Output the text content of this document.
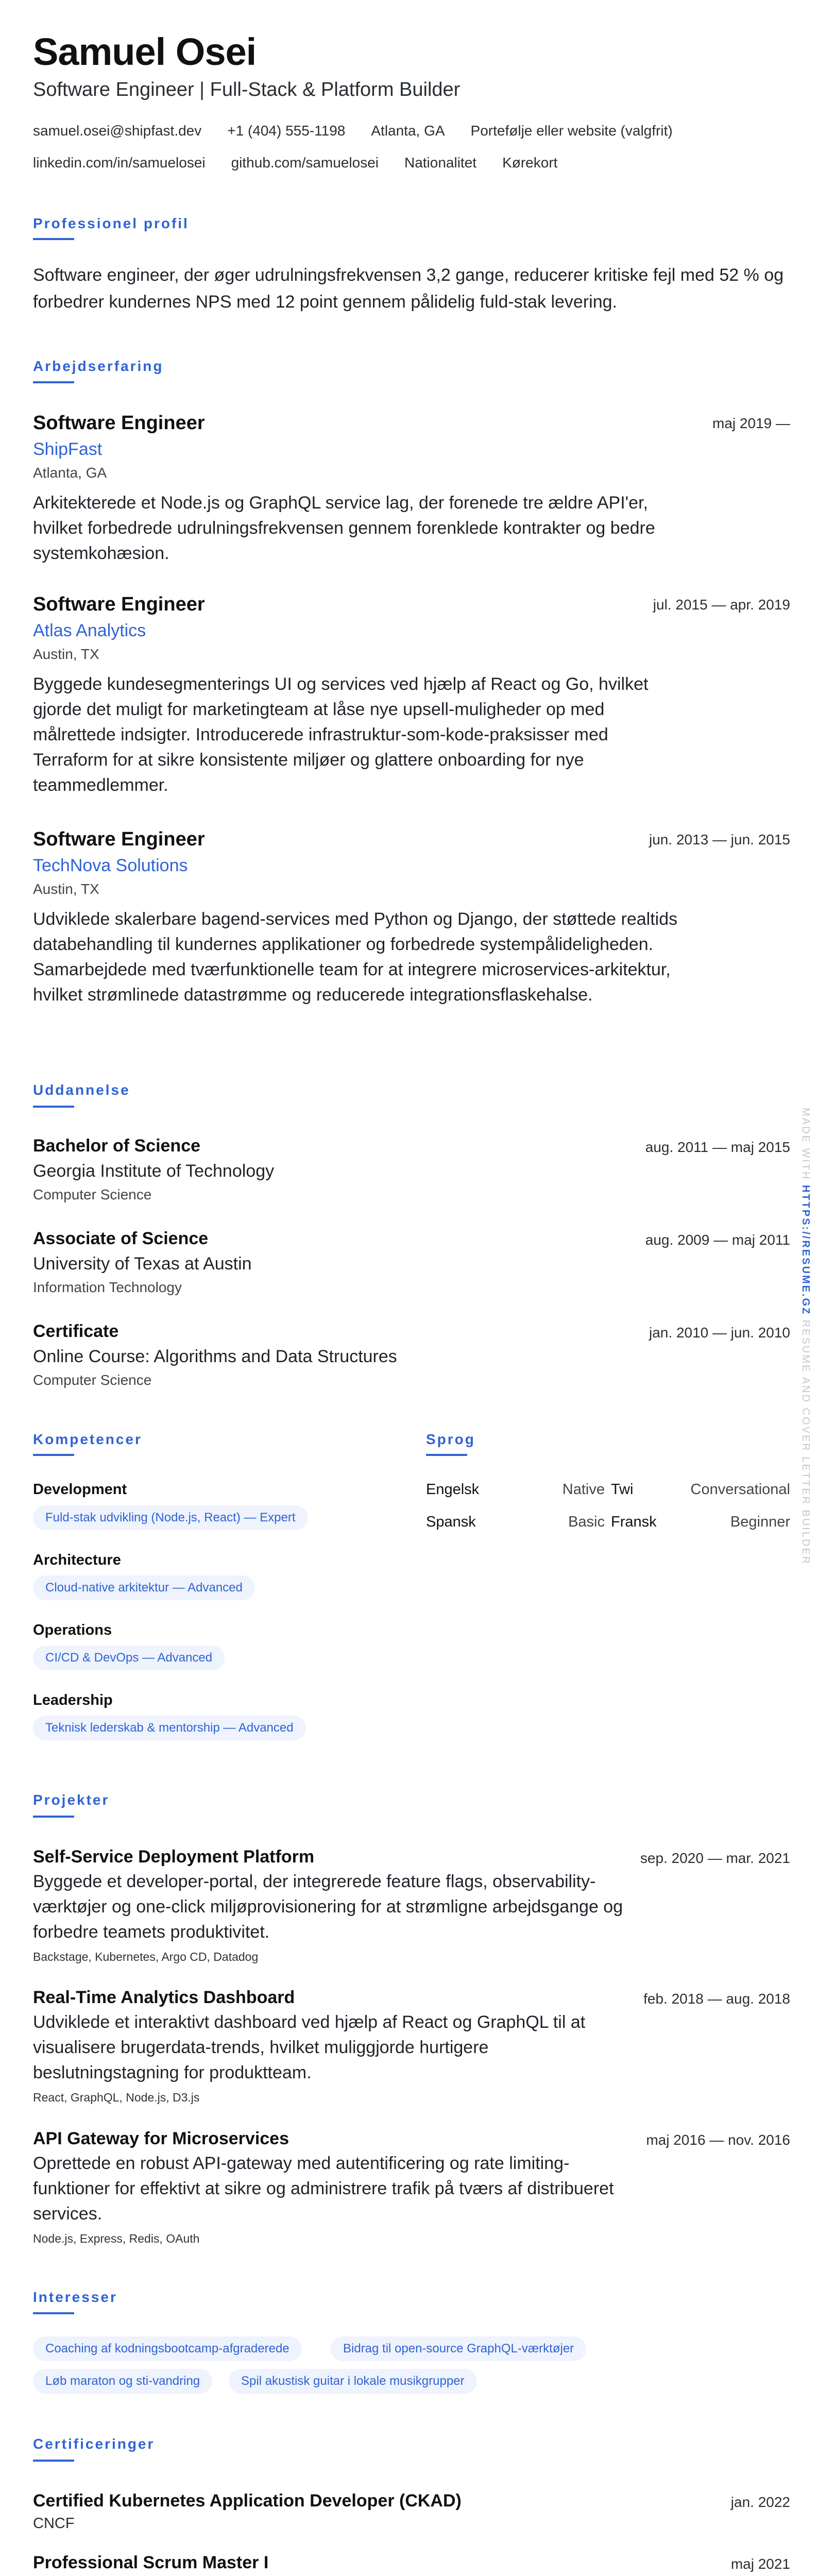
Samuel Osei
Software Engineer | Full-Stack & Platform Builder
samuel.osei@shipfast.dev +1 (404) 555-1198 Atlanta, GA Portefølje eller website (valgfrit)
linkedin.com/in/samuelosei github.com/samuelosei Nationalitet Kørekort
Professionel profil
Software engineer, der øger udrulningsfrekvensen 3,2 gange, reducerer kritiske fejl med 52 % og forbedrer kundernes NPS med 12 point gennem pålidelig fuld-stak levering.
Arbejdserfaring
Software Engineer	maj 2019 —
ShipFast
Atlanta, GA
Arkitekterede et Node.js og GraphQL service lag, der forenede tre ældre API'er, hvilket forbedrede udrulningsfrekvensen gennem forenklede kontrakter og bedre systemkohæsion.
Software Engineer	jul. 2015 — apr. 2019
Atlas Analytics
Austin, TX
Byggede kundesegmenterings UI og services ved hjælp af React og Go, hvilket gjorde det muligt for marketingteam at låse nye upsell-muligheder op med målrettede indsigter. Introducerede infrastruktur-som-kode-praksisser med Terraform for at sikre konsistente miljøer og glattere onboarding for nye teammedlemmer.
Software Engineer	jun. 2013 — jun. 2015
TechNova Solutions
Austin, TX
Udviklede skalerbare bagend-services med Python og Django, der støttede realtids databehandling til kundernes applikationer og forbedrede systempålideligheden. Samarbejdede med tværfunktionelle team for at integrere microservices-arkitektur, hvilket strømlinede datastrømme og reducerede integrationsflaskehalse.
Uddannelse
Bachelor of Science	aug. 2011 — maj 2015
Georgia Institute of Technology
Computer Science
Associate of Science	aug. 2009 — maj 2011
University of Texas at Austin
Information Technology
Certificate	jan. 2010 — jun. 2010
Online Course: Algorithms and Data Structures
Computer Science
Kompetencer
Development
Fuld-stak udvikling (Node.js, React) — Expert
Architecture
Cloud-native arkitektur — Advanced
Operations
CI/CD & DevOps — Advanced
Leadership
Teknisk lederskab & mentorship — Advanced
Sprog
Engelsk	Native Twi	Conversational
Spansk	Basic Fransk	Beginner
Projekter
Self-Service Deployment Platform	sep. 2020 — mar. 2021
Byggede et developer-portal, der integrerede feature flags, observability-værktøjer og one-click miljøprovisionering for at strømligne arbejdsgange og forbedre teamets produktivitet.
Backstage, Kubernetes, Argo CD, Datadog
Real-Time Analytics Dashboard	feb. 2018 — aug. 2018
Udviklede et interaktivt dashboard ved hjælp af React og GraphQL til at visualisere brugerdata-trends, hvilket muliggjorde hurtigere beslutningstagning for produktteam.
React, GraphQL, Node.js, D3.js
API Gateway for Microservices	maj 2016 — nov. 2016
Oprettede en robust API-gateway med autentificering og rate limiting-funktioner for effektivt at sikre og administrere trafik på tværs af distribueret services.
Node.js, Express, Redis, OAuth
Interesser
Coaching af kodningsbootcamp-afgraderede	Bidrag til open-source GraphQL-værktøjer
Løb maraton og sti-vandring	Spil akustisk guitar i lokale musikgrupper
Certificeringer
Certified Kubernetes Application Developer (CKAD)	jan. 2022
CNCF
Professional Scrum Master I	maj 2021
MADE WITH HTTPS://RESUME.GZ RESUME AND COVER LETTER BUILDER
